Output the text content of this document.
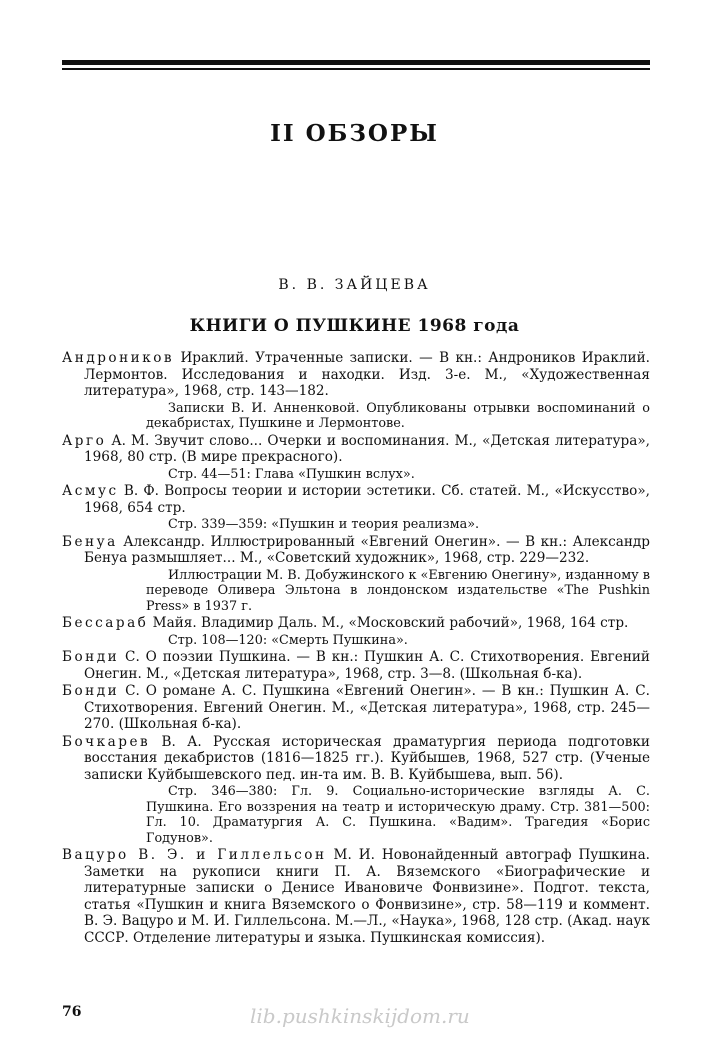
II ОБЗОРЫ
В. В. ЗАЙЦЕВА
КНИГИ О ПУШКИНЕ 1968 года

Андроников Ираклий. Утраченные записки. — В кн.: Андроников Ираклий. Лермонтов. Исследования и находки. Изд. 3-е. М., «Художественная литература», 1968, стр. 143—182.

Записки В. И. Анненковой. Опубликованы отрывки воспоминаний о декабристах, Пушкине и Лермонтове.

Арго А. М. Звучит слово... Очерки и воспоминания. М., «Детская литература», 1968, 80 стр. (В мире прекрасного).

Стр. 44—51: Глава «Пушкин вслух».

Асмус В. Ф. Вопросы теории и истории эстетики. Сб. статей. М., «Искусство», 1968, 654 стр.

Стр. 339—359: «Пушкин и теория реализма».

Бенуа Александр. Иллюстрированный «Евгений Онегин». — В кн.: Александр Бенуа размышляет... М., «Советский художник», 1968, стр. 229—232.

Иллюстрации М. В. Добужинского к «Евгению Онегину», изданному в переводе Оливера Эльтона в лондонском издательстве «The Pushkin Press» в 1937 г.

Бессараб Майя. Владимир Даль. М., «Московский рабочий», 1968, 164 стр.

Стр. 108—120: «Смерть Пушкина».

Бонди С. О поэзии Пушкина. — В кн.: Пушкин А. С. Стихотворения. Евгений Онегин. М., «Детская литература», 1968, стр. 3—8. (Школьная б-ка).

Бонди С. О романе А. С. Пушкина «Евгений Онегин». — В кн.: Пушкин А. С. Стихотворения. Евгений Онегин. М., «Детская литература», 1968, стр. 245—270. (Школьная б-ка).

Бочкарев В. А. Русская историческая драматургия периода подготовки восстания декабристов (1816—1825 гг.). Куйбышев, 1968, 527 стр. (Ученые записки Куйбышевского пед. ин-та им. В. В. Куйбышева, вып. 56).

Стр. 346—380: Гл. 9. Социально-исторические взгляды А. С. Пушкина. Его воззрения на театр и историческую драму. Стр. 381—500: Гл. 10. Драматургия А. С. Пушкина. «Вадим». Трагедия «Борис Годунов».

Вацуро В. Э. и Гиллельсон М. И. Новонайденный автограф Пушкина. Заметки на рукописи книги П. А. Вяземского «Биографические и литературные записки о Денисе Ивановиче Фонвизине». Подгот. текста, статья «Пушкин и книга Вяземского о Фонвизине», стр. 58—119 и коммент. В. Э. Вацуро и М. И. Гиллельсона. М.—Л., «Наука», 1968, 128 стр. (Акад. наук СССР. Отделение литературы и языка. Пушкинская комиссия).

76	lib.pushkinskijdom.ru
